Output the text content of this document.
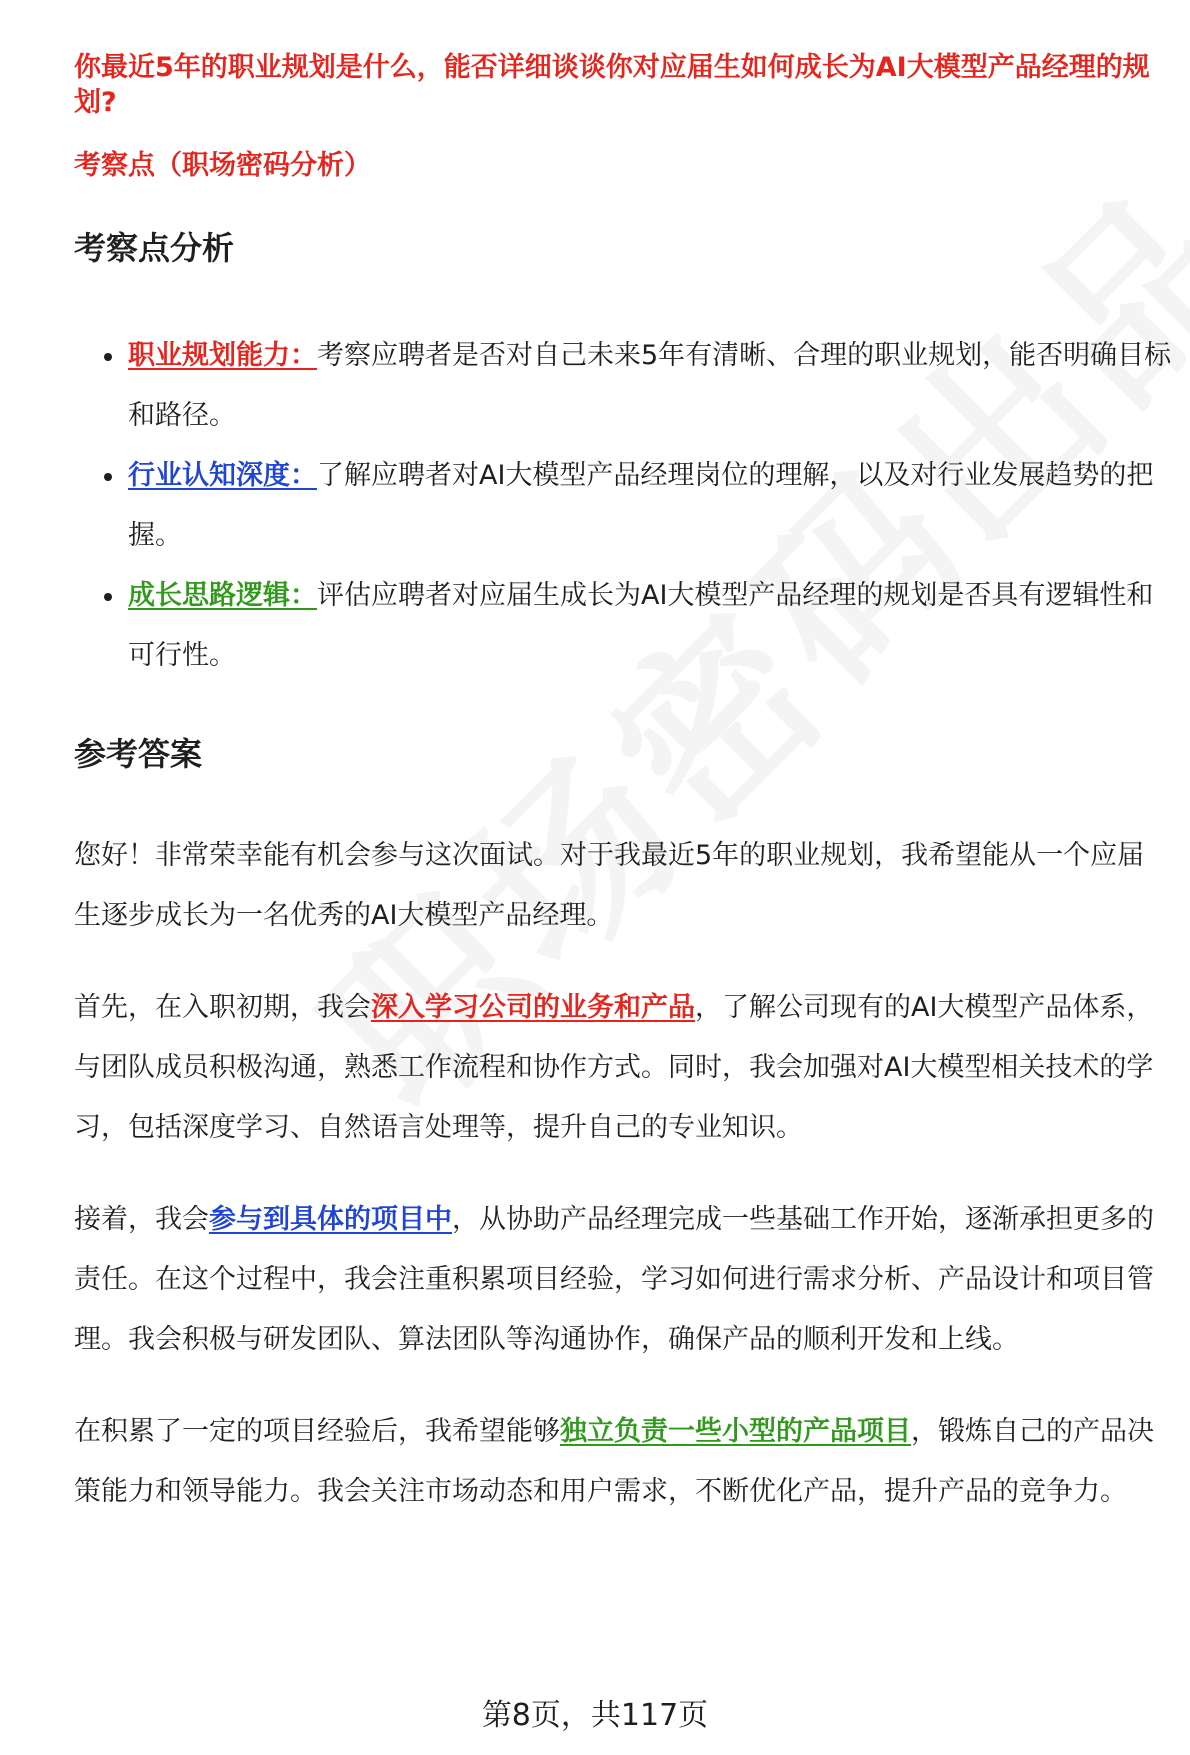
你最近5年的职业规划是什么，能否详细谈谈你对应届生如何成长为AI大模型产品经理的规划?

考察点（职场密码分析）

考察点分析
职业规划能力：考察应聘者是否对自己未来5年有清晰、合理的职业规划，能否明确目标和路径。
行业认知深度：了解应聘者对AI大模型产品经理岗位的理解，以及对行业发展趋势的把握。
成长思路逻辑：评估应聘者对应届生成长为AI大模型产品经理的规划是否具有逻辑性和可行性。
参考答案

您好！非常荣幸能有机会参与这次面试。对于我最近5年的职业规划，我希望能从一个应届生逐步成长为一名优秀的AI大模型产品经理。

首先，在入职初期，我会深入学习公司的业务和产品，了解公司现有的AI大模型产品体系，与团队成员积极沟通，熟悉工作流程和协作方式。同时，我会加强对AI大模型相关技术的学习，包括深度学习、自然语言处理等，提升自己的专业知识。

接着，我会参与到具体的项目中，从协助产品经理完成一些基础工作开始，逐渐承担更多的责任。在这个过程中，我会注重积累项目经验，学习如何进行需求分析、产品设计和项目管理。我会积极与研发团队、算法团队等沟通协作，确保产品的顺利开发和上线。

在积累了一定的项目经验后，我希望能够独立负责一些小型的产品项目，锻炼自己的产品决策能力和领导能力。我会关注市场动态和用户需求，不断优化产品，提升产品的竞争力。

第8页，共117页
